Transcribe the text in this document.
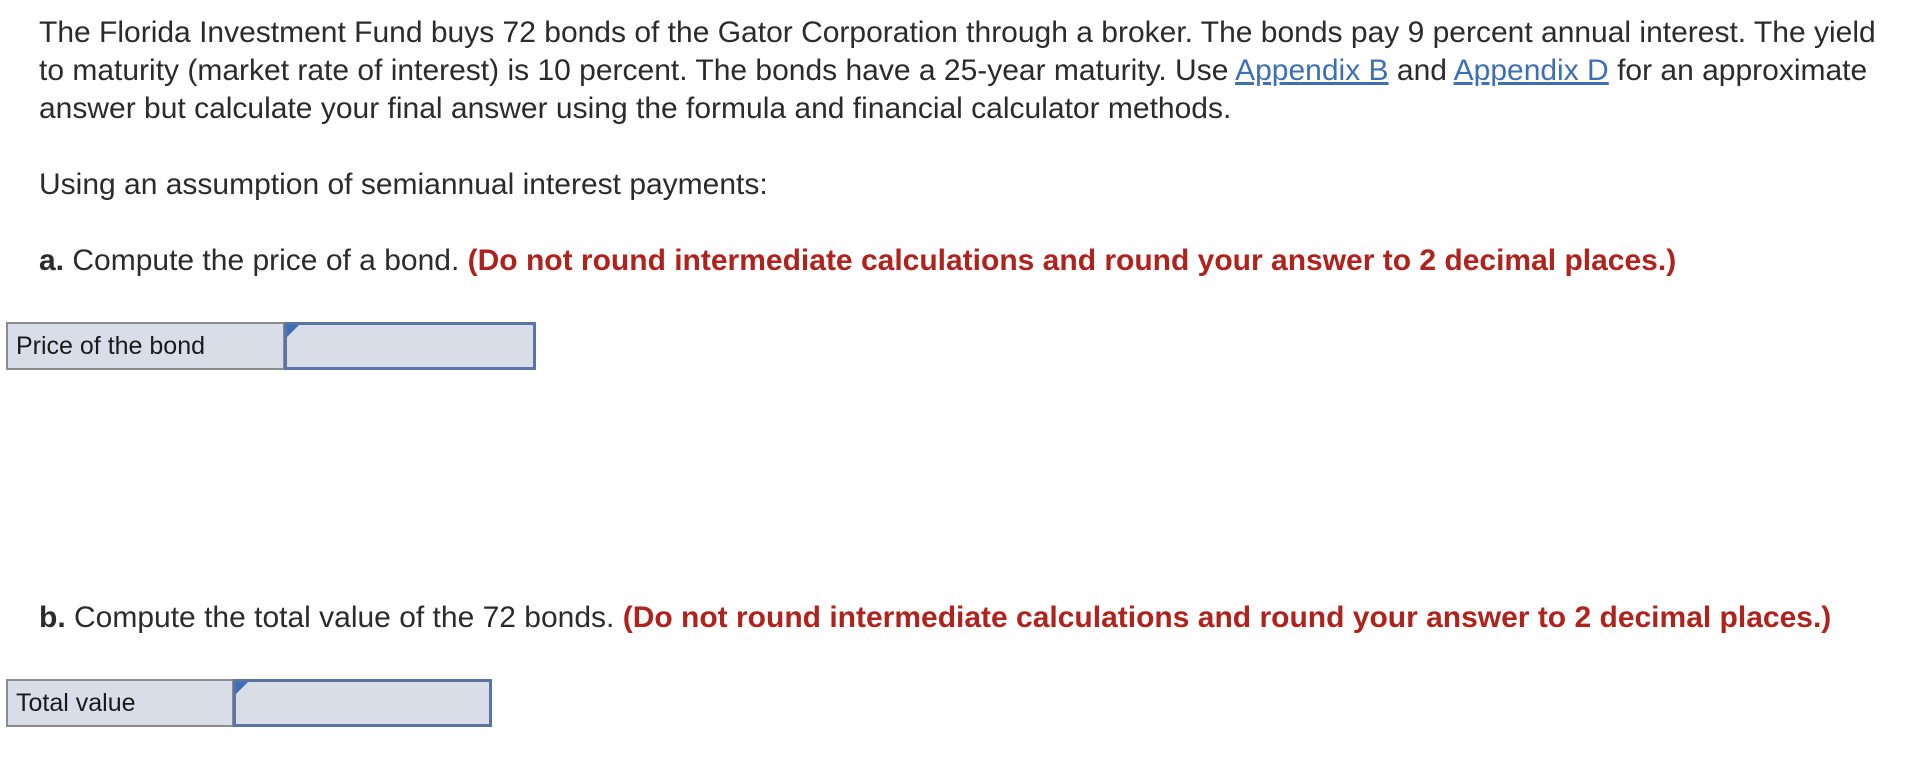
The Florida Investment Fund buys 72 bonds of the Gator Corporation through a broker. The bonds pay 9 percent annual interest. The yield to maturity (market rate of interest) is 10 percent. The bonds have a 25-year maturity. Use Appendix B and Appendix D for an approximate answer but calculate your final answer using the formula and financial calculator methods.

Using an assumption of semiannual interest payments:

a. Compute the price of a bond. (Do not round intermediate calculations and round your answer to 2 decimal places.)

b. Compute the total value of the 72 bonds. (Do not round intermediate calculations and round your answer to 2 decimal places.)

Price of the bond
Total value
